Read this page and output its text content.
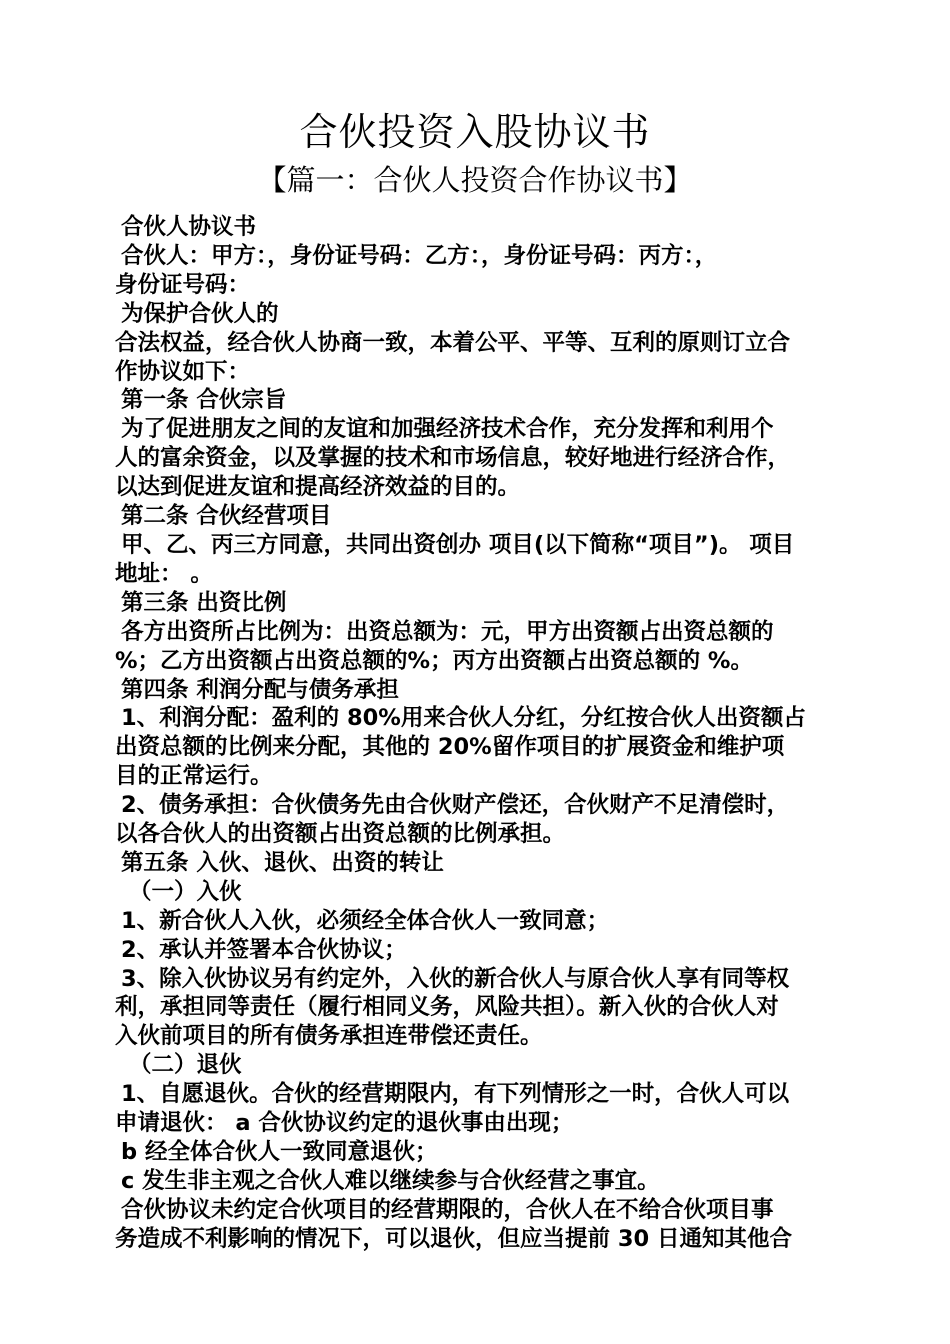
合伙投资入股协议书
【篇一：合伙人投资合作协议书】

合伙人协议书

合伙人：甲方：，身份证号码：乙方：，身份证号码：丙方：，

身份证号码：

为保护合伙人的

合法权益，经合伙人协商一致，本着公平、平等、互利的原则订立合

作协议如下：

第一条 合伙宗旨

为了促进朋友之间的友谊和加强经济技术合作，充分发挥和利用个

人的富余资金，以及掌握的技术和市场信息，较好地进行经济合作，

以达到促进友谊和提高经济效益的目的。

第二条 合伙经营项目

甲、乙、丙三方同意，共同出资创办 项目(以下简称“项目”)。 项目

地址： 。

第三条 出资比例

各方出资所占比例为：出资总额为：元，甲方出资额占出资总额的

%；乙方出资额占出资总额的%；丙方出资额占出资总额的 %。

第四条 利润分配与债务承担

1、利润分配：盈利的 80%用来合伙人分红，分红按合伙人出资额占

出资总额的比例来分配，其他的 20%留作项目的扩展资金和维护项

目的正常运行。

2、债务承担：合伙债务先由合伙财产偿还，合伙财产不足清偿时，

以各合伙人的出资额占出资总额的比例承担。

第五条 入伙、退伙、出资的转让

（一）入伙

1、新合伙人入伙，必须经全体合伙人一致同意；

2、承认并签署本合伙协议；

3、除入伙协议另有约定外，入伙的新合伙人与原合伙人享有同等权

利，承担同等责任（履行相同义务，风险共担）。新入伙的合伙人对

入伙前项目的所有债务承担连带偿还责任。

（二）退伙

1、自愿退伙。合伙的经营期限内，有下列情形之一时，合伙人可以

申请退伙： a 合伙协议约定的退伙事由出现；

b 经全体合伙人一致同意退伙；

c 发生非主观之合伙人难以继续参与合伙经营之事宜。

合伙协议未约定合伙项目的经营期限的，合伙人在不给合伙项目事

务造成不利影响的情况下，可以退伙，但应当提前 30 日通知其他合
